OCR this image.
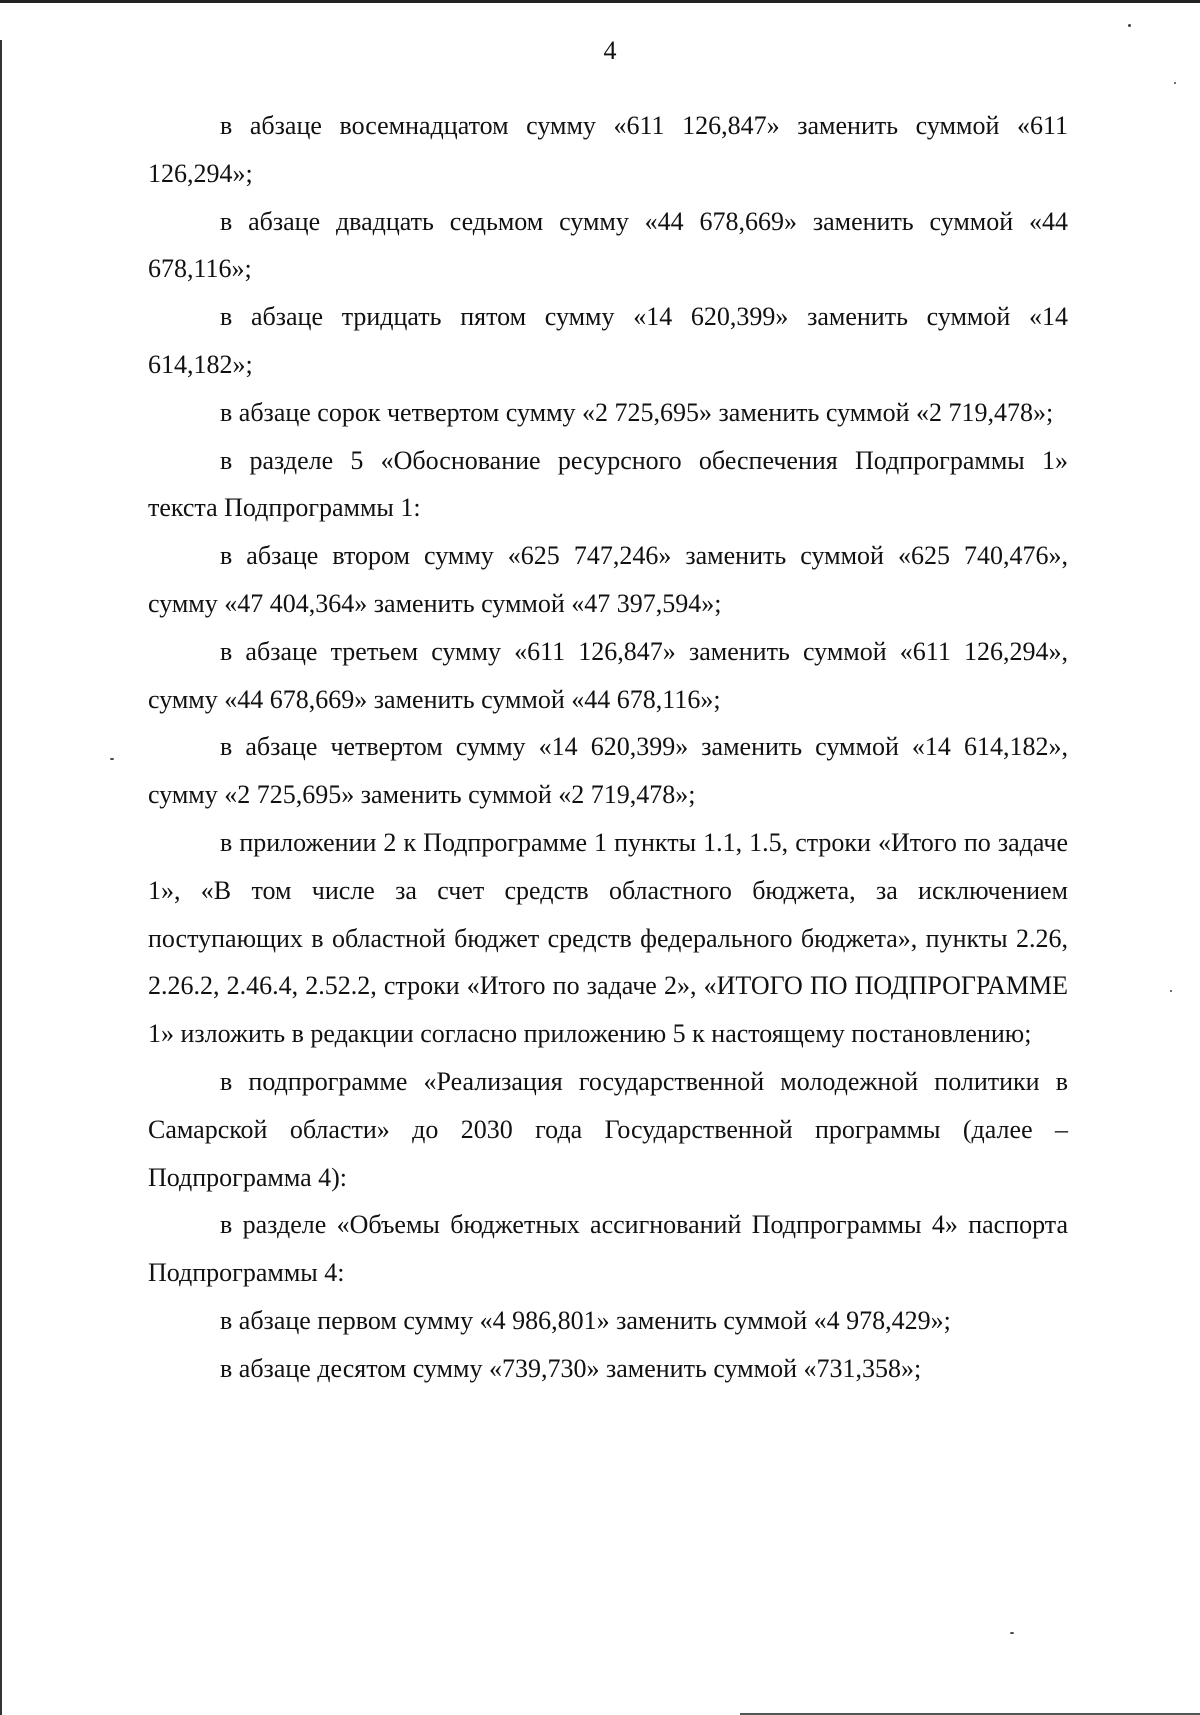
4

в абзаце восемнадцатом сумму «611 126,847» заменить суммой «611 126,294»;

в абзаце двадцать седьмом сумму «44 678,669» заменить суммой «44 678,116»;

в абзаце тридцать пятом сумму «14 620,399» заменить суммой «14 614,182»;

в абзаце сорок четвертом сумму «2 725,695» заменить суммой «2 719,478»;

в разделе 5 «Обоснование ресурсного обеспечения Подпрограммы 1» текста Подпрограммы 1:

в абзаце втором сумму «625 747,246» заменить суммой «625 740,476», сумму «47 404,364» заменить суммой «47 397,594»;

в абзаце третьем сумму «611 126,847» заменить суммой «611 126,294», сумму «44 678,669» заменить суммой «44 678,116»;

в абзаце четвертом сумму «14 620,399» заменить суммой «14 614,182», сумму «2 725,695» заменить суммой «2 719,478»;

в приложении 2 к Подпрограмме 1 пункты 1.1, 1.5, строки «Итого по задаче 1», «В том числе за счет средств областного бюджета, за исключением поступающих в областной бюджет средств федерального бюджета», пункты 2.26, 2.26.2, 2.46.4, 2.52.2, строки «Итого по задаче 2», «ИТОГО ПО ПОДПРОГРАММЕ 1» изложить в редакции согласно приложению 5 к настоящему постановлению;

в подпрограмме «Реализация государственной молодежной политики в Самарской области» до 2030 года Государственной программы (далее – Подпрограмма 4):

в разделе «Объемы бюджетных ассигнований Подпрограммы 4» паспорта Подпрограммы 4:

в абзаце первом сумму «4 986,801» заменить суммой «4 978,429»;

в абзаце десятом сумму «739,730» заменить суммой «731,358»;
